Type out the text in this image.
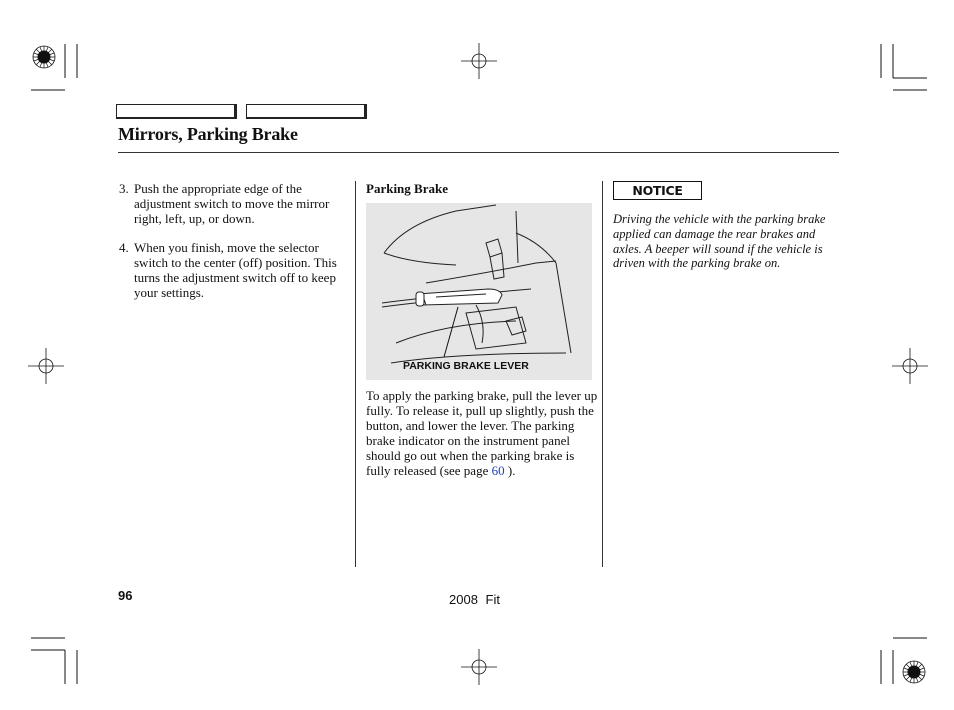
Mirrors, Parking Brake
3. Push the appropriate edge of the adjustment switch to move the mirror right, left, up, or down.
4. When you finish, move the selector switch to the center (off) position. This turns the adjustment switch off to keep your settings.
Parking Brake
PARKING BRAKE LEVER
To apply the parking brake, pull the lever up fully. To release it, pull up slightly, push the button, and lower the lever. The parking brake indicator on the instrument panel should go out when the parking brake is fully released (see page 60 ).
NOTICE
Driving the vehicle with the parking brake applied can damage the rear brakes and axles. A beeper will sound if the vehicle is driven with the parking brake on.
96	2008 Fit
